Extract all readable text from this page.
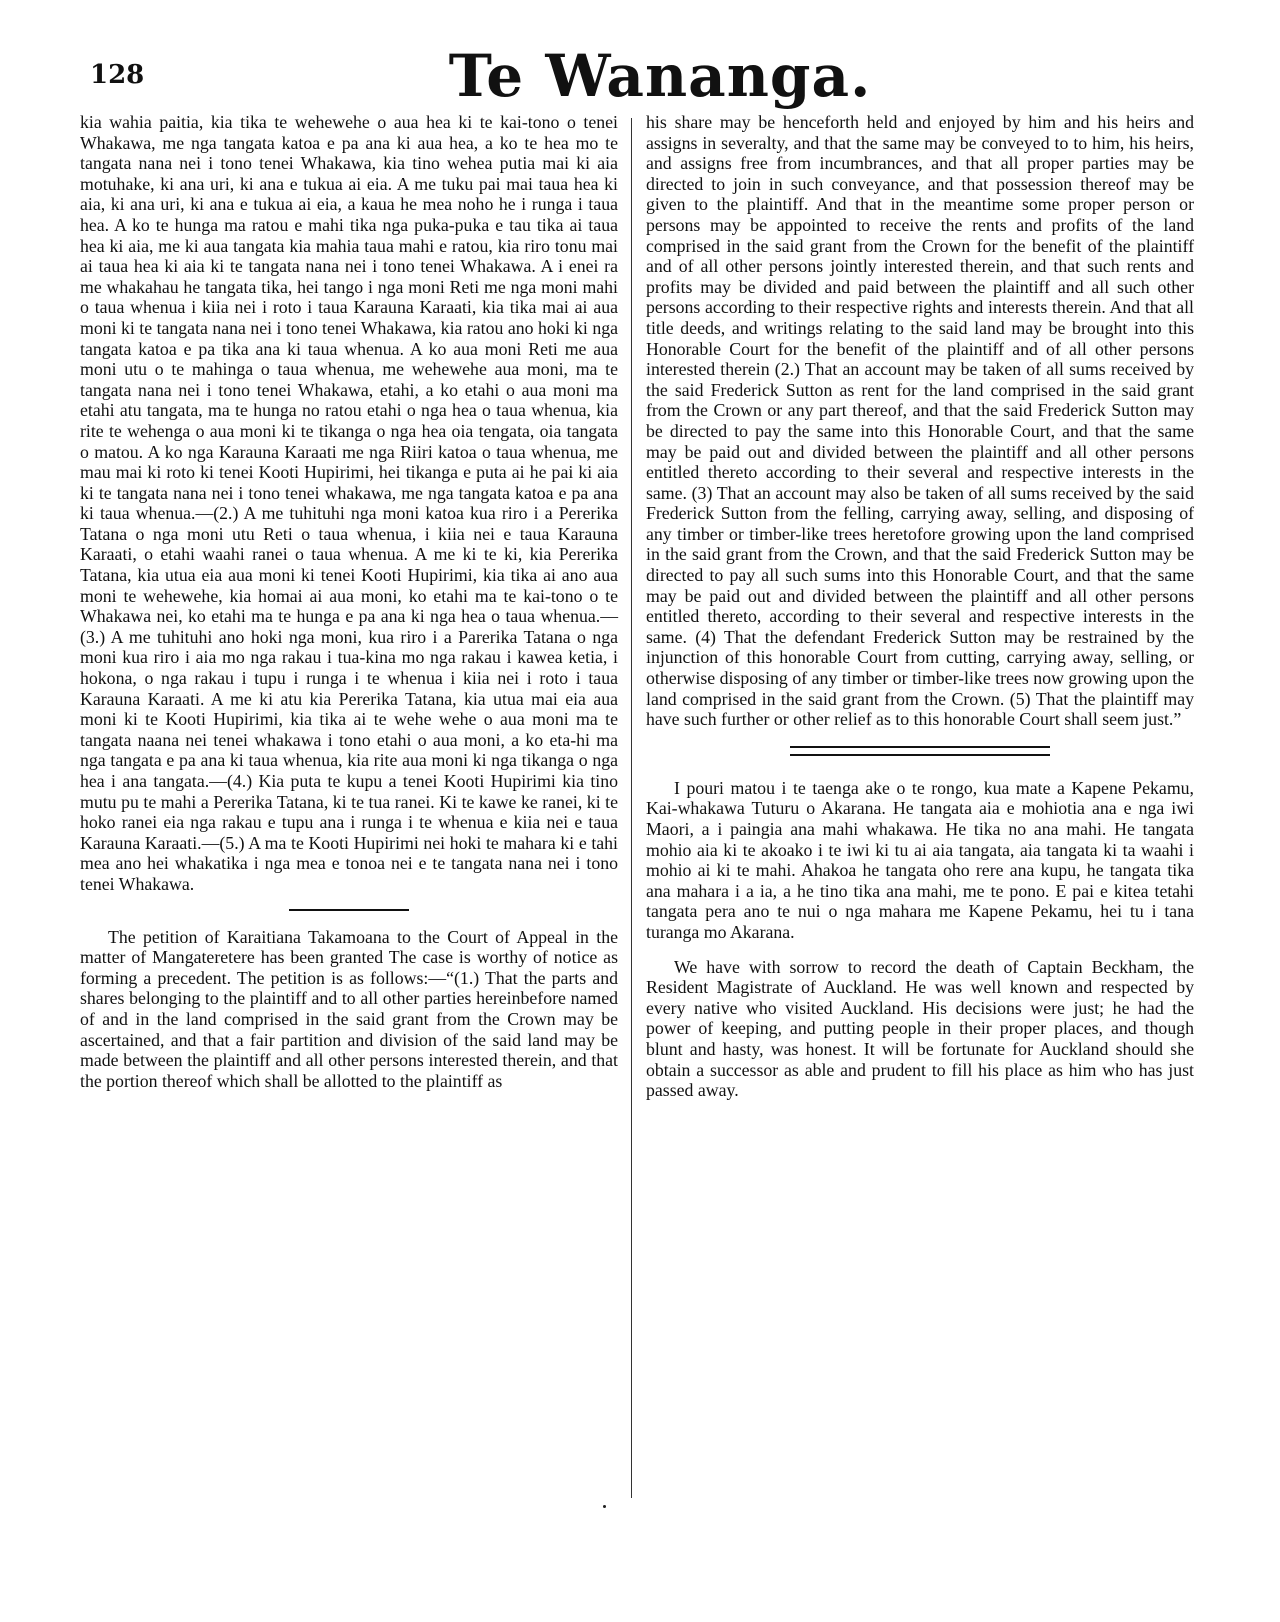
128	Te Wananga.

kia wahia paitia, kia tika te wehewehe o aua hea ki te kai-tono o tenei Whakawa, me nga tangata katoa e pa ana ki aua hea, a ko te hea mo te tangata nana nei i tono tenei Whakawa, kia tino wehea putia mai ki aia motuhake, ki ana uri, ki ana e tukua ai eia. A me tuku pai mai taua hea ki aia, ki ana uri, ki ana e tukua ai eia, a kaua he mea noho he i runga i taua hea. A ko te hunga ma ratou e mahi tika nga puka-puka e tau tika ai taua hea ki aia, me ki aua tangata kia mahia taua mahi e ratou, kia riro tonu mai ai taua hea ki aia ki te tangata nana nei i tono tenei Whakawa. A i enei ra me whakahau he tangata tika, hei tango i nga moni Reti me nga moni mahi o taua whenua i kiia nei i roto i taua Karauna Karaati, kia tika mai ai aua moni ki te tangata nana nei i tono tenei Whakawa, kia ratou ano hoki ki nga tangata katoa e pa tika ana ki taua whenua. A ko aua moni Reti me aua moni utu o te mahinga o taua whenua, me wehewehe aua moni, ma te tangata nana nei i tono tenei Whakawa, etahi, a ko etahi o aua moni ma etahi atu tangata, ma te hunga no ratou etahi o nga hea o taua whenua, kia rite te wehenga o aua moni ki te tikanga o nga hea oia tengata, oia tangata o matou. A ko nga Karauna Karaati me nga Riiri katoa o taua whenua, me mau mai ki roto ki tenei Kooti Hupirimi, hei tikanga e puta ai he pai ki aia ki te tangata nana nei i tono tenei whakawa, me nga tangata katoa e pa ana ki taua whenua.—(2.) A me tuhituhi nga moni katoa kua riro i a Pererika Tatana o nga moni utu Reti o taua whenua, i kiia nei e taua Karauna Karaati, o etahi waahi ranei o taua whenua. A me ki te ki, kia Pererika Tatana, kia utua eia aua moni ki tenei Kooti Hupirimi, kia tika ai ano aua moni te wehewehe, kia homai ai aua moni, ko etahi ma te kai-tono o te Whakawa nei, ko etahi ma te hunga e pa ana ki nga hea o taua whenua.—(3.) A me tuhituhi ano hoki nga moni, kua riro i a Parerika Tatana o nga moni kua riro i aia mo nga rakau i tua-kina mo nga rakau i kawea ketia, i hokona, o nga rakau i tupu i runga i te whenua i kiia nei i roto i taua Karauna Karaati. A me ki atu kia Pererika Tatana, kia utua mai eia aua moni ki te Kooti Hupirimi, kia tika ai te wehe wehe o aua moni ma te tangata naana nei tenei whakawa i tono etahi o aua moni, a ko eta-hi ma nga tangata e pa ana ki taua whenua, kia rite aua moni ki nga tikanga o nga hea i ana tangata.—(4.) Kia puta te kupu a tenei Kooti Hupirimi kia tino mutu pu te mahi a Pererika Tatana, ki te tua ranei. Ki te kawe ke ranei, ki te hoko ranei eia nga rakau e tupu ana i runga i te whenua e kiia nei e taua Karauna Karaati.—(5.) A ma te Kooti Hupirimi nei hoki te mahara ki e tahi mea ano hei whakatika i nga mea e tonoa nei e te tangata nana nei i tono tenei Whakawa.

The petition of Karaitiana Takamoana to the Court of Appeal in the matter of Mangateretere has been granted The case is worthy of notice as forming a precedent. The petition is as follows:—“(1.) That the parts and shares belonging to the plaintiff and to all other parties hereinbefore named of and in the land comprised in the said grant from the Crown may be ascertained, and that a fair partition and division of the said land may be made between the plaintiff and all other persons interested therein, and that the portion thereof which shall be allotted to the plaintiff as

his share may be henceforth held and enjoyed by him and his heirs and assigns in severalty, and that the same may be conveyed to to him, his heirs, and assigns free from incumbrances, and that all proper parties may be directed to join in such conveyance, and that possession thereof may be given to the plaintiff. And that in the meantime some proper person or persons may be appointed to receive the rents and profits of the land comprised in the said grant from the Crown for the benefit of the plaintiff and of all other persons jointly interested therein, and that such rents and profits may be divided and paid between the plaintiff and all such other persons according to their respective rights and interests therein. And that all title deeds, and writings relating to the said land may be brought into this Honorable Court for the benefit of the plaintiff and of all other persons interested therein (2.) That an account may be taken of all sums received by the said Frederick Sutton as rent for the land comprised in the said grant from the Crown or any part thereof, and that the said Frederick Sutton may be directed to pay the same into this Honorable Court, and that the same may be paid out and divided between the plaintiff and all other persons entitled thereto according to their several and respective interests in the same. (3) That an account may also be taken of all sums received by the said Frederick Sutton from the felling, carrying away, selling, and disposing of any timber or timber-like trees heretofore growing upon the land comprised in the said grant from the Crown, and that the said Frederick Sutton may be directed to pay all such sums into this Honorable Court, and that the same may be paid out and divided between the plaintiff and all other persons entitled thereto, according to their several and respective interests in the same. (4) That the defendant Frederick Sutton may be restrained by the injunction of this honorable Court from cutting, carrying away, selling, or otherwise disposing of any timber or timber-like trees now growing upon the land comprised in the said grant from the Crown. (5) That the plaintiff may have such further or other relief as to this honorable Court shall seem just.”

I pouri matou i te taenga ake o te rongo, kua mate a Kapene Pekamu, Kai-whakawa Tuturu o Akarana. He tangata aia e mohiotia ana e nga iwi Maori, a i paingia ana mahi whakawa. He tika no ana mahi. He tangata mohio aia ki te akoako i te iwi ki tu ai aia tangata, aia tangata ki ta waahi i mohio ai ki te mahi. Ahakoa he tangata oho rere ana kupu, he tangata tika ana mahara i a ia, a he tino tika ana mahi, me te pono. E pai e kitea tetahi tangata pera ano te nui o nga mahara me Kapene Pekamu, hei tu i tana turanga mo Akarana.

We have with sorrow to record the death of Captain Beckham, the Resident Magistrate of Auckland. He was well known and respected by every native who visited Auckland. His decisions were just; he had the power of keeping, and putting people in their proper places, and though blunt and hasty, was honest. It will be fortunate for Auckland should she obtain a successor as able and prudent to fill his place as him who has just passed away.
